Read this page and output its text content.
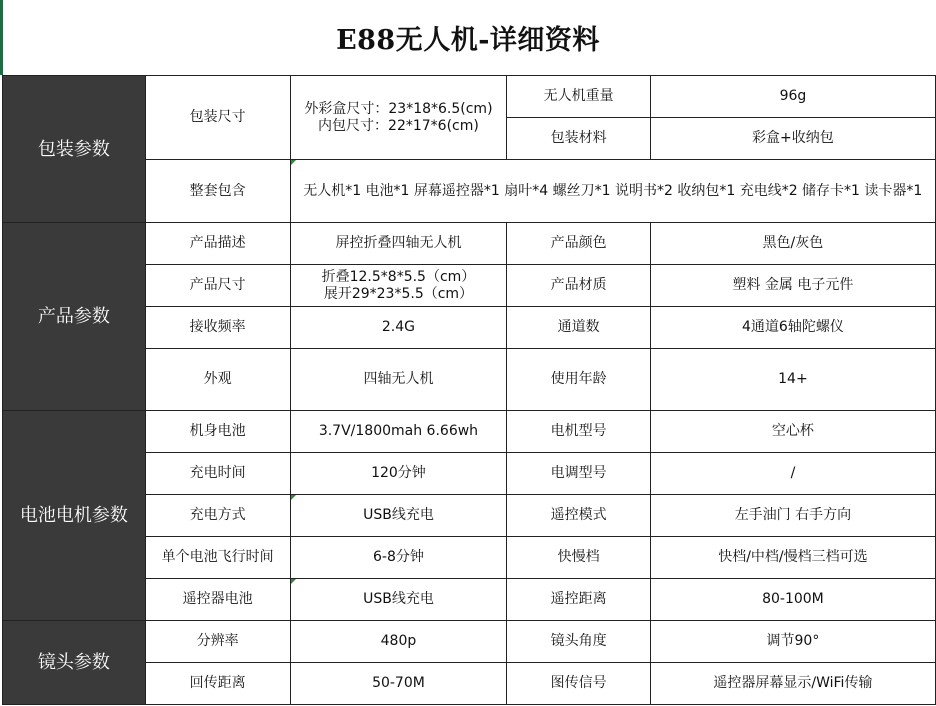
E88无人机-详细资料
包装参数	包装尺寸	外彩盒尺寸：23*18*6.5(cm)
内包尺寸：22*17*6(cm)	无人机重量	96g
			包装材料	彩盒+收纳包
	整套包含	无人机*1 电池*1 屏幕遥控器*1 扇叶*4 螺丝刀*1 说明书*2 收纳包*1 充电线*2 储存卡*1 读卡器*1		
产品参数	产品描述	屏控折叠四轴无人机	产品颜色	黑色/灰色
	产品尺寸	折叠12.5*8*5.5（cm）
展开29*23*5.5（cm）	产品材质	塑料 金属 电子元件
	接收频率	2.4G	通道数	4通道6轴陀螺仪
	外观	四轴无人机	使用年龄	14+
电池电机参数	机身电池	3.7V/1800mah 6.66wh	电机型号	空心杯
	充电时间	120分钟	电调型号	/
	充电方式	USB线充电	遥控模式	左手油门 右手方向
	单个电池飞行时间	6-8分钟	快慢档	快档/中档/慢档三档可选
	遥控器电池	USB线充电	遥控距离	80-100M
镜头参数	分辨率	480p	镜头角度	调节90°
	回传距离	50-70M	图传信号	遥控器屏幕显示/WiFi传输
